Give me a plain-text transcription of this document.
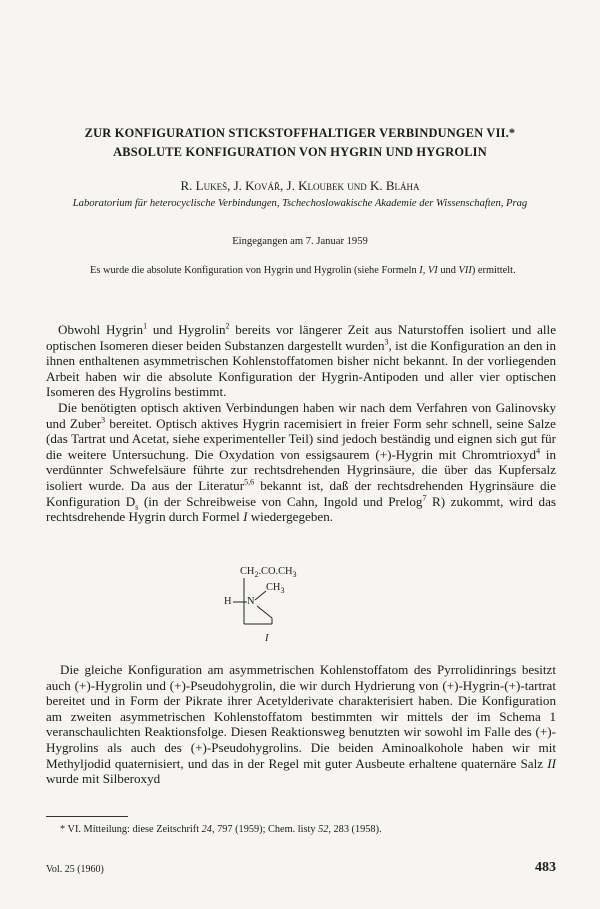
ZUR KONFIGURATION STICKSTOFFHALTIGER VERBINDUNGEN VII.*
ABSOLUTE KONFIGURATION VON HYGRIN UND HYGROLIN
R. Lukeš, J. Kovář, J. Kloubek und K. Bláha
Laboratorium für heterocyclische Verbindungen, Tschechoslowakische Akademie der Wissenschaften, Prag
Eingegangen am 7. Januar 1959
Es wurde die absolute Konfiguration von Hygrin und Hygrolin (siehe Formeln I, VI und VII) ermittelt.

Obwohl Hygrin$^1$ und Hygrolin$^2$ bereits vor längerer Zeit aus Naturstoffen isoliert und alle optischen Isomeren dieser beiden Substanzen dargestellt wurden$^3$, ist die Konfiguration an den in ihnen enthaltenen asymmetrischen Kohlenstoffatomen bisher nicht bekannt. In der vorliegenden Arbeit haben wir die absolute Konfiguration der Hygrin-Antipoden und aller vier optischen Isomeren des Hygrolins bestimmt.

Die benötigten optisch aktiven Verbindungen haben wir nach dem Verfahren von Galinovsky und Zuber$^3$ bereitet. Optisch aktives Hygrin racemisiert in freier Form sehr schnell, seine Salze (das Tartrat und Acetat, siehe experimenteller Teil) sind jedoch beständig und eignen sich gut für die weitere Untersuchung. Die Oxydation von essigsaurem (+)-Hygrin mit Chromtrioxyd$^4$ in verdünnter Schwefelsäure führte zur rechtsdrehenden Hygrinsäure, die über das Kupfersalz isoliert wurde. Da aus der Literatur$^{5,6}$ bekannt ist, daß der rechtsdrehenden Hygrinsäure die Konfiguration $D_s$ (in der Schreibweise von Cahn, Ingold und Prelog$^7$ R) zukommt, wird das rechtsdrehende Hygrin durch Formel I wiedergegeben.

$CH_2.CO.CH_3$
$CH_3$
H N
I

Die gleiche Konfiguration am asymmetrischen Kohlenstoffatom des Pyrrolidinrings besitzt auch (+)-Hygrolin und (+)-Pseudohygrolin, die wir durch Hydrierung von (+)-Hygrin-(+)-tartrat bereitet und in Form der Pikrate ihrer Acetylderivate charakterisiert haben. Die Konfiguration am zweiten asymmetrischen Kohlenstoffatom bestimmten wir mittels der im Schema 1 veranschaulichten Reaktionsfolge. Diesen Reaktionsweg benutzten wir sowohl im Falle des (+)-Hygrolins als auch des (+)-Pseudohygrolins. Die beiden Aminoalkohole haben wir mit Methyljodid quaternisiert, und das in der Regel mit guter Ausbeute erhaltene quaternäre Salz II wurde mit Silberoxyd

* VI. Mitteilung: diese Zeitschrift 24, 797 (1959); Chem. listy 52, 283 (1958).
Vol. 25 (1960)	483
